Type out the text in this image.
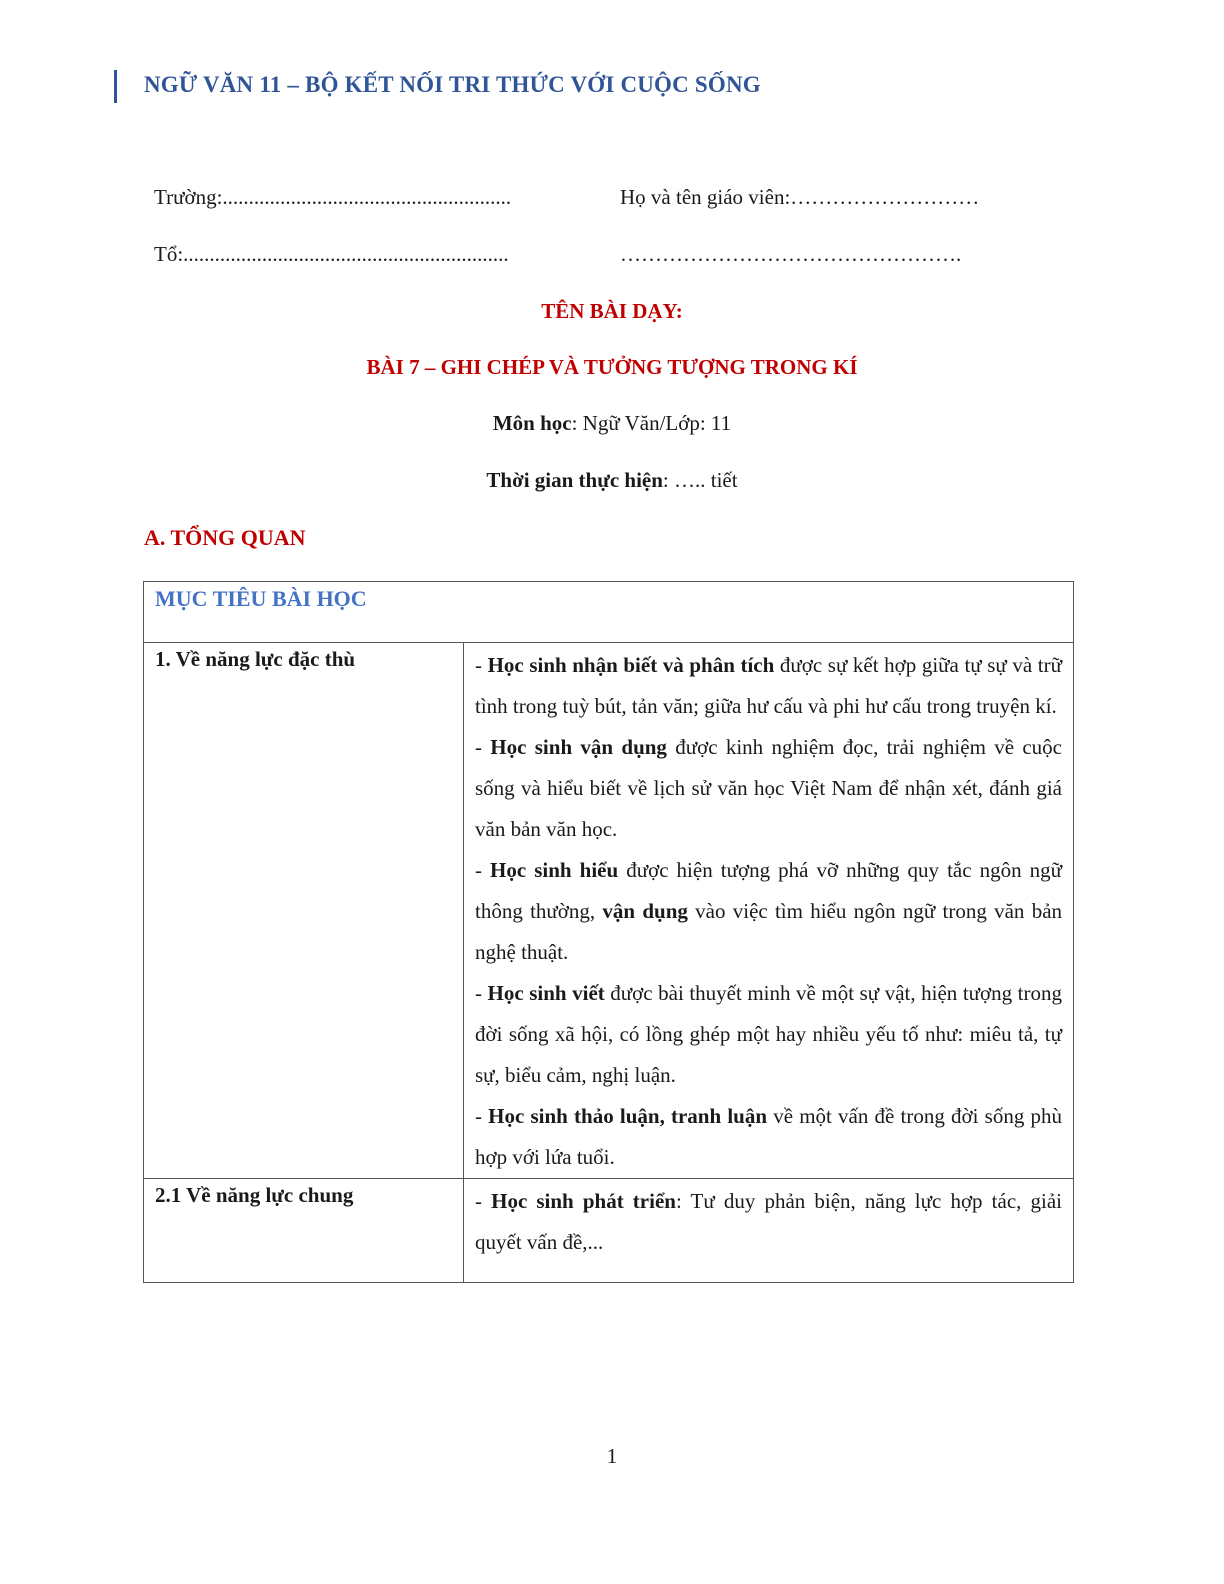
NGỮ VĂN 11 – BỘ KẾT NỐI TRI THỨC VỚI CUỘC SỐNG
Trường:.......................................................	Họ và tên giáo viên:………………………
Tổ:..............................................................	………………………………………….
TÊN BÀI DẠY:
BÀI 7 – GHI CHÉP VÀ TƯỞNG TƯỢNG TRONG KÍ
Môn học: Ngữ Văn/Lớp: 11
Thời gian thực hiện: ….. tiết
A. TỔNG QUAN
MỤC TIÊU BÀI HỌC	
1. Về năng lực đặc thù	- Học sinh nhận biết và phân tích được sự kết hợp giữa tự sự và trữ tình trong tuỳ bút, tản văn; giữa hư cấu và phi hư cấu trong truyện kí.

- Học sinh vận dụng được kinh nghiệm đọc, trải nghiệm về cuộc sống và hiểu biết về lịch sử văn học Việt Nam để nhận xét, đánh giá văn bản văn học.

- Học sinh hiểu được hiện tượng phá vỡ những quy tắc ngôn ngữ thông thường, vận dụng vào việc tìm hiểu ngôn ngữ trong văn bản nghệ thuật.

- Học sinh viết được bài thuyết minh về một sự vật, hiện tượng trong đời sống xã hội, có lồng ghép một hay nhiều yếu tố như: miêu tả, tự sự, biểu cảm, nghị luận.

- Học sinh thảo luận, tranh luận về một vấn đề trong đời sống phù hợp với lứa tuổi.

2.1 Về năng lực chung	- Học sinh phát triển: Tư duy phản biện, năng lực hợp tác, giải quyết vấn đề,...

1
